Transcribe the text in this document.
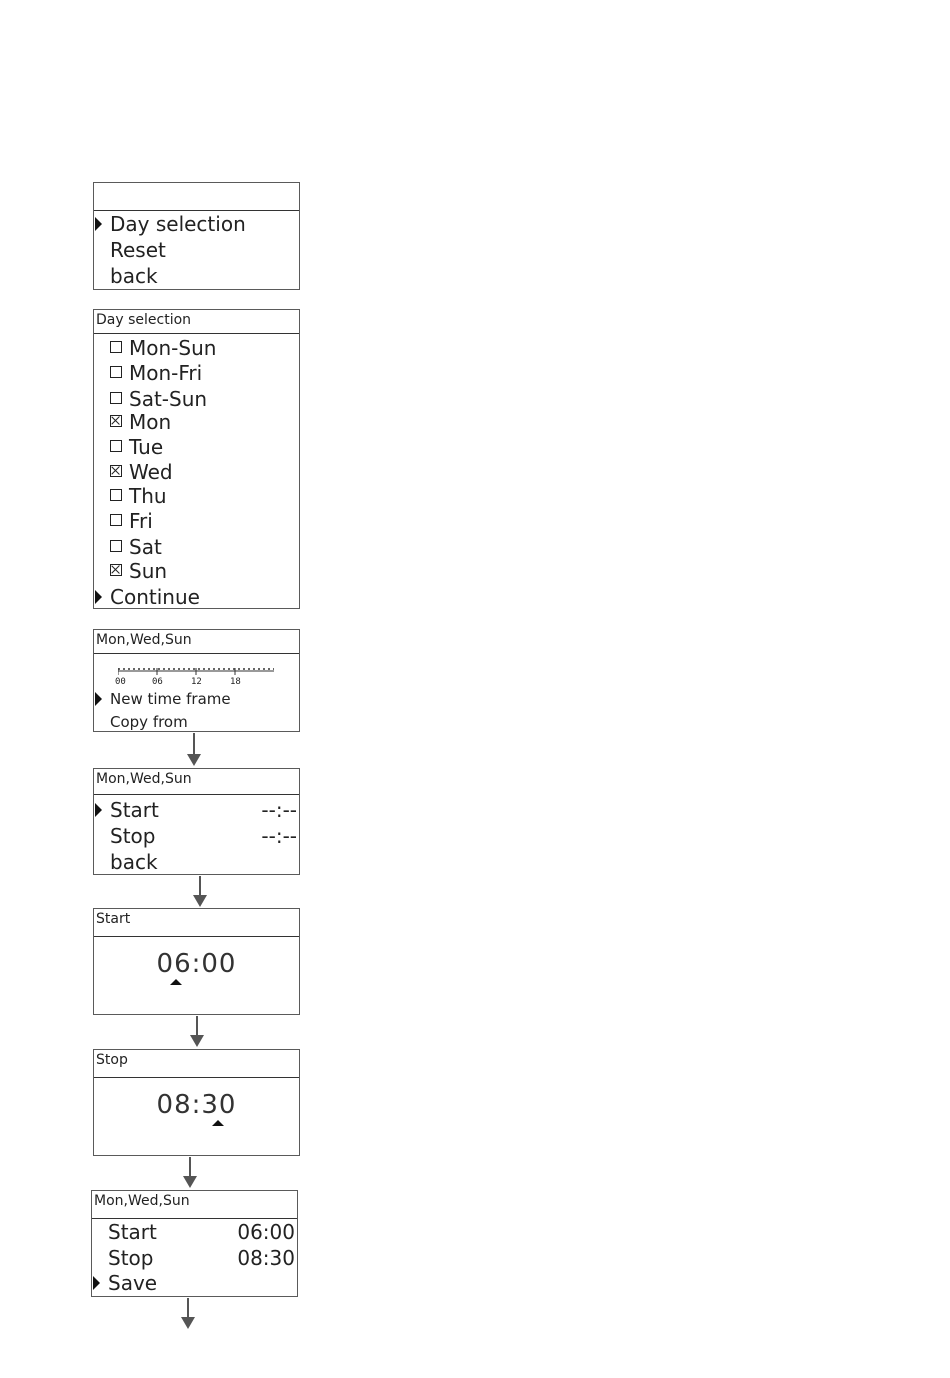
Day selection
Reset
back
Day selection
Mon-Sun
Mon-Fri
Sat-Sun
Mon
Tue
Wed
Thu
Fri
Sat
Sun
Continue
Mon,Wed,Sun
00	06	12	18
New time frame
Copy from
Mon,Wed,Sun
Start	--:--
Stop	--:--
back
Start
06:00
Stop
08:30
Mon,Wed,Sun
Start	06:00
Stop	08:30
Save
